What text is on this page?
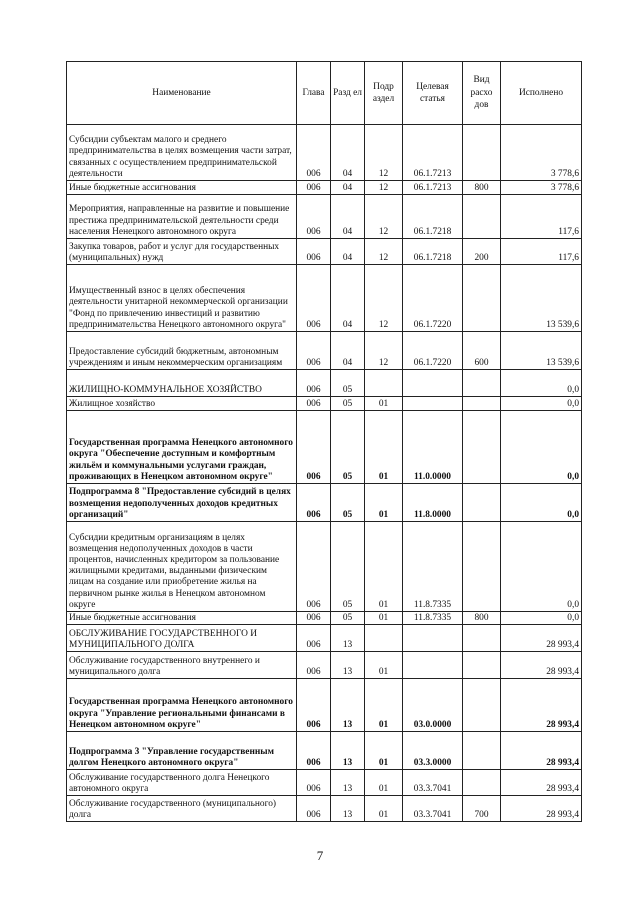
Наименование	Глава	Разд ел	Подр аздел	Целевая статья	Вид расхо дов	Исполнено
Субсидии субъектам малого и среднего предпринимательства в целях возмещения части затрат, связанных с осуществлением предпринимательской деятельности	006	04	12	06.1.7213		3 778,6
Иные бюджетные ассигнования	006	04	12	06.1.7213	800	3 778,6
Мероприятия, направленные на развитие и повышение престижа предпринимательской деятельности среди населения Ненецкого автономного округа	006	04	12	06.1.7218		117,6
Закупка товаров, работ и услуг для государственных (муниципальных) нужд	006	04	12	06.1.7218	200	117,6
Имущественный взнос в целях обеспечения деятельности унитарной некоммерческой организации "Фонд по привлечению инвестиций и развитию предпринимательства Ненецкого автономного округа"	006	04	12	06.1.7220		13 539,6
Предоставление субсидий бюджетным, автономным учреждениям и иным некоммерческим организациям	006	04	12	06.1.7220	600	13 539,6
ЖИЛИЩНО-КОММУНАЛЬНОЕ ХОЗЯЙСТВО	006	05				0,0
Жилищное хозяйство	006	05	01			0,0
Государственная программа Ненецкого автономного округа "Обеспечение доступным и комфортным жильём и коммунальными услугами граждан, проживающих в Ненецком автономном округе"	006	05	01	11.0.0000		0,0
Подпрограмма 8 "Предоставление субсидий в целях возмещения недополученных доходов кредитных организаций"	006	05	01	11.8.0000		0,0
Субсидии кредитным организациям в целях возмещения недополученных доходов в части процентов, начисленных кредитором за пользование жилищными кредитами, выданными физическим лицам на создание или приобретение жилья на первичном рынке жилья в Ненецком автономном округе	006	05	01	11.8.7335		0,0
Иные бюджетные ассигнования	006	05	01	11.8.7335	800	0,0
ОБСЛУЖИВАНИЕ ГОСУДАРСТВЕННОГО И МУНИЦИПАЛЬНОГО ДОЛГА	006	13				28 993,4
Обслуживание государственного внутреннего и муниципального долга	006	13	01			28 993,4
Государственная программа Ненецкого автономного округа "Управление региональными финансами в Ненецком автономном округе"	006	13	01	03.0.0000		28 993,4
Подпрограмма 3 "Управление государственным долгом Ненецкого автономного округа"	006	13	01	03.3.0000		28 993,4
Обслуживание государственного долга Ненецкого автономного округа	006	13	01	03.3.7041		28 993,4
Обслуживание государственного (муниципального) долга	006	13	01	03.3.7041	700	28 993,4
7
